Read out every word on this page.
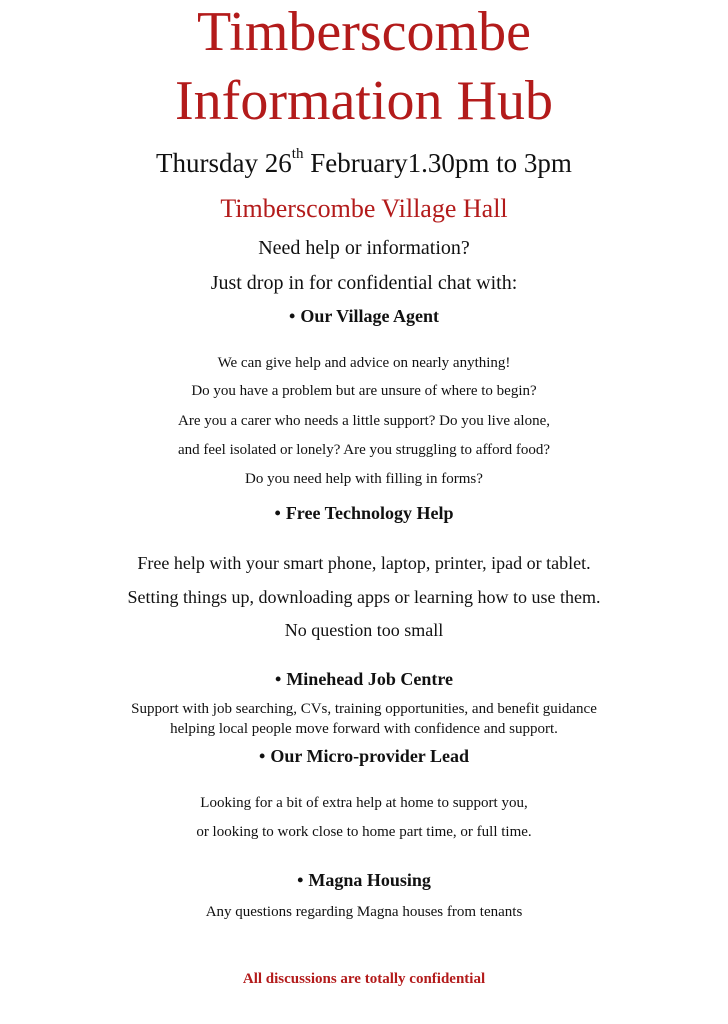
Timberscombe
Information Hub
Thursday 26th February1.30pm to 3pm
Timberscombe Village Hall
Need help or information?
Just drop in for confidential chat with:
• Our Village Agent
We can give help and advice on nearly anything!
Do you have a problem but are unsure of where to begin?
Are you a carer who needs a little support? Do you live alone,
and feel isolated or lonely? Are you struggling to afford food?
Do you need help with filling in forms?
• Free Technology Help
Free help with your smart phone, laptop, printer, ipad or tablet.
Setting things up, downloading apps or learning how to use them.
No question too small
• Minehead Job Centre
Support with job searching, CVs, training opportunities, and benefit guidance
helping local people move forward with confidence and support.
• Our Micro-provider Lead
Looking for a bit of extra help at home to support you,
or looking to work close to home part time, or full time.
• Magna Housing
Any questions regarding Magna houses from tenants
All discussions are totally confidential
